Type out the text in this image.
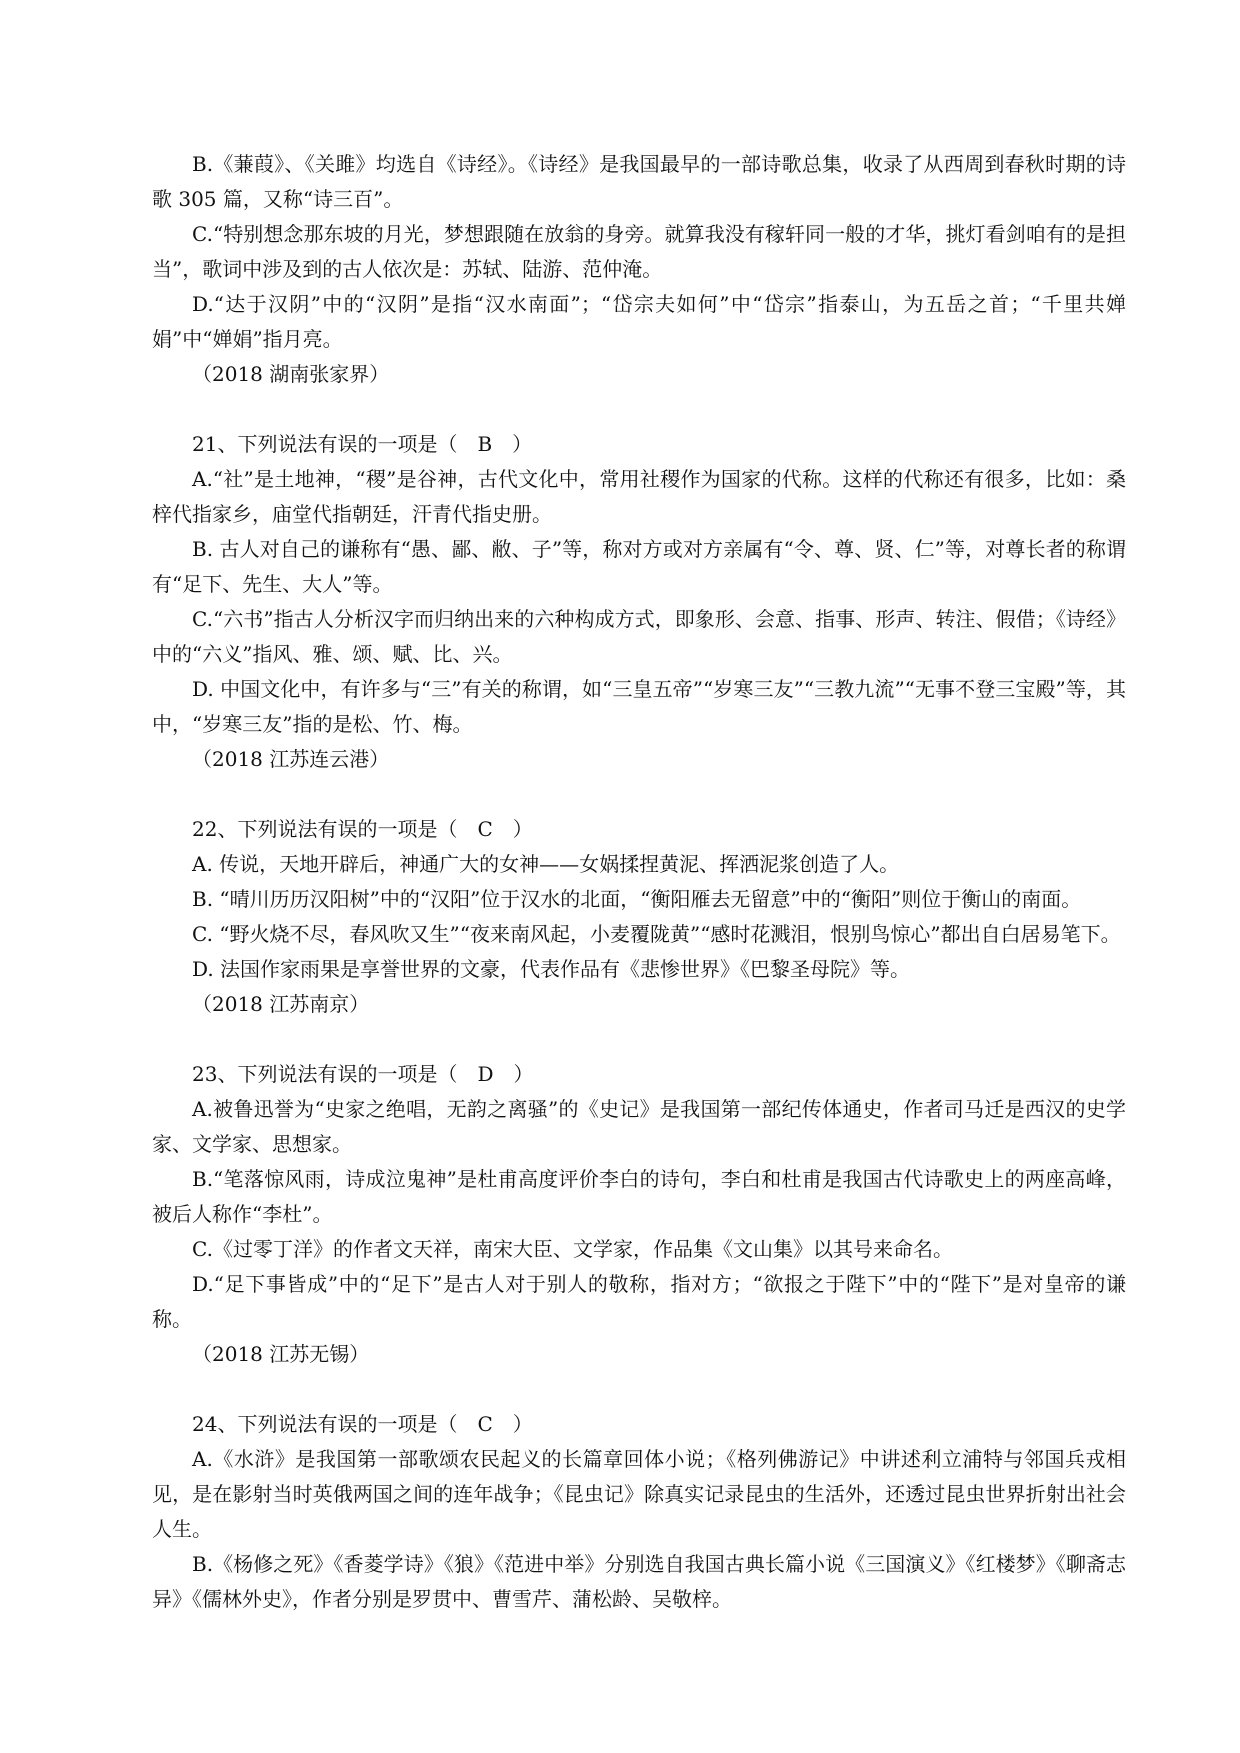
B.《蒹葭》、《关雎》均选自《诗经》。《诗经》是我国最早的一部诗歌总集，收录了从西周到春秋时期的诗歌 305 篇，又称“诗三百”。

C.“特别想念那东坡的月光，梦想跟随在放翁的身旁。就算我没有稼轩同一般的才华，挑灯看剑咱有的是担当”，歌词中涉及到的古人依次是：苏轼、陆游、范仲淹。

D.“达于汉阴”中的“汉阴”是指“汉水南面”；“岱宗夫如何”中“岱宗”指泰山，为五岳之首；“千里共婵娟”中“婵娟”指月亮。

（2018 湖南张家界）

21、下列说法有误的一项是（　B　）

A.“社”是土地神，“稷”是谷神，古代文化中，常用社稷作为国家的代称。这样的代称还有很多，比如：桑梓代指家乡，庙堂代指朝廷，汗青代指史册。

B. 古人对自己的谦称有“愚、鄙、敝、子”等，称对方或对方亲属有“令、尊、贤、仁”等，对尊长者的称谓有“足下、先生、大人”等。

C.“六书”指古人分析汉字而归纳出来的六种构成方式，即象形、会意、指事、形声、转注、假借；《诗经》中的“六义”指风、雅、颂、赋、比、兴。

D. 中国文化中，有许多与“三”有关的称谓，如“三皇五帝”“岁寒三友”“三教九流”“无事不登三宝殿”等，其中，“岁寒三友”指的是松、竹、梅。

（2018 江苏连云港）

22、下列说法有误的一项是（　C　）

A. 传说，天地开辟后，神通广大的女神——女娲揉捏黄泥、挥洒泥浆创造了人。

B. “晴川历历汉阳树”中的“汉阳”位于汉水的北面，“衡阳雁去无留意”中的“衡阳”则位于衡山的南面。

C. “野火烧不尽，春风吹又生”“夜来南风起，小麦覆陇黄”“感时花溅泪，恨别鸟惊心”都出自白居易笔下。

D. 法国作家雨果是享誉世界的文豪，代表作品有《悲惨世界》《巴黎圣母院》等。

（2018 江苏南京）

23、下列说法有误的一项是（　D　）

A.被鲁迅誉为“史家之绝唱，无韵之离骚”的《史记》是我国第一部纪传体通史，作者司马迁是西汉的史学家、文学家、思想家。

B.“笔落惊风雨，诗成泣鬼神”是杜甫高度评价李白的诗句，李白和杜甫是我国古代诗歌史上的两座高峰，被后人称作“李杜”。

C.《过零丁洋》的作者文天祥，南宋大臣、文学家，作品集《文山集》以其号来命名。

D.“足下事皆成”中的“足下”是古人对于别人的敬称，指对方；“欲报之于陛下”中的“陛下”是对皇帝的谦称。

（2018 江苏无锡）

24、下列说法有误的一项是（　C　）

A.《水浒》是我国第一部歌颂农民起义的长篇章回体小说；《格列佛游记》中讲述利立浦特与邻国兵戎相见，是在影射当时英俄两国之间的连年战争；《昆虫记》除真实记录昆虫的生活外，还透过昆虫世界折射出社会人生。

B.《杨修之死》《香菱学诗》《狼》《范进中举》分别选自我国古典长篇小说《三国演义》《红楼梦》《聊斋志异》《儒林外史》，作者分别是罗贯中、曹雪芹、蒲松龄、吴敬梓。
